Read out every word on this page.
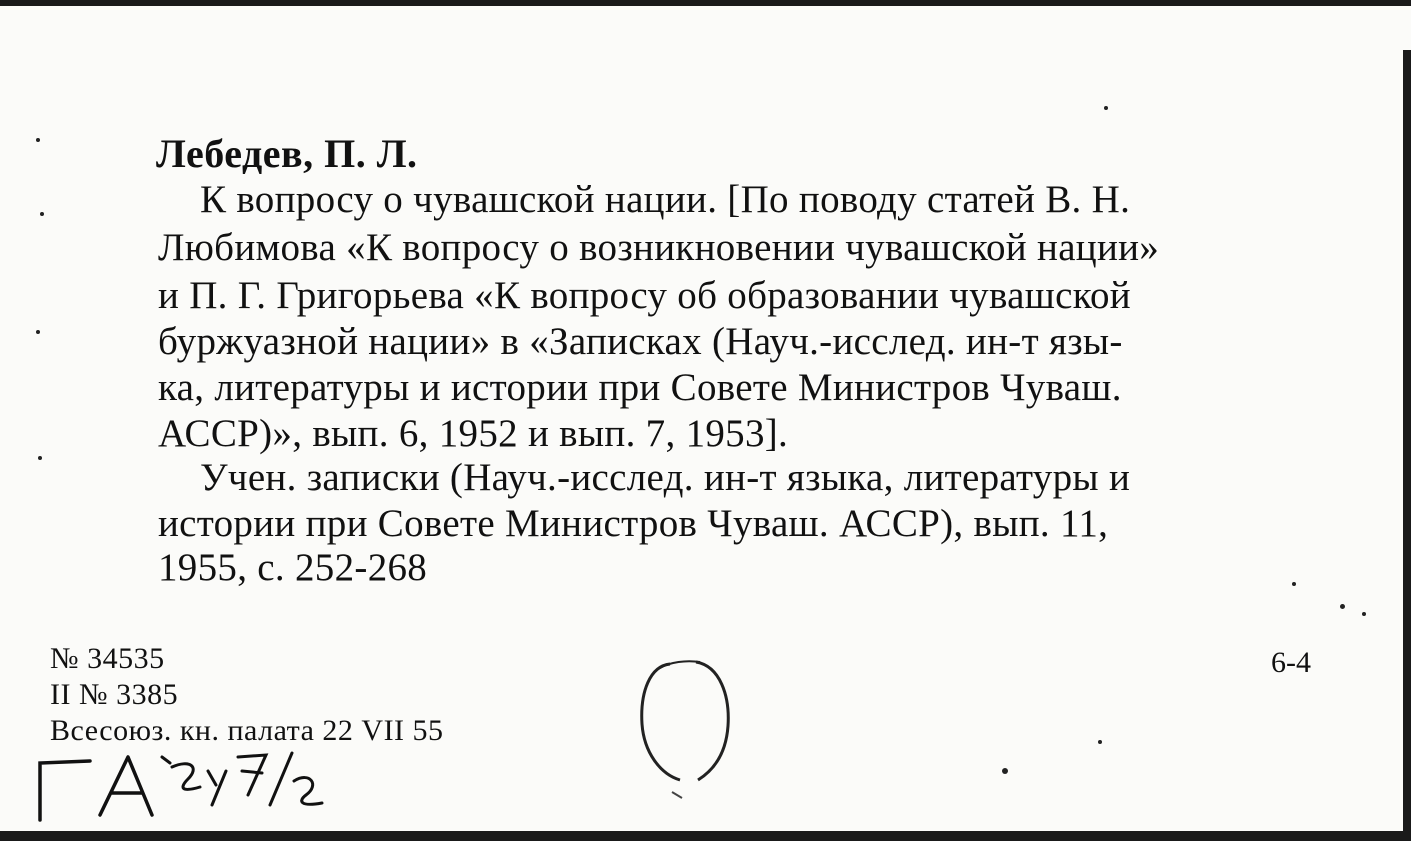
Лебедев, П. Л.
К вопросу о чувашской нации. [По поводу статей В. Н.
Любимова «К вопросу о возникновении чувашской нации»
и П. Г. Григорьева «К вопросу об образовании чувашской
буржуазной нации» в «Записках (Науч.-исслед. ин-т язы-
ка, литературы и истории при Совете Министров Чуваш.
АССР)», вып. 6, 1952 и вып. 7, 1953].
Учен. записки (Науч.-исслед. ин-т языка, литературы и
истории при Совете Министров Чуваш. АССР), вып. 11,
1955, с. 252-268
№ 34535
II № 3385
Всесоюз. кн. палата 22 VII 55
6-4
